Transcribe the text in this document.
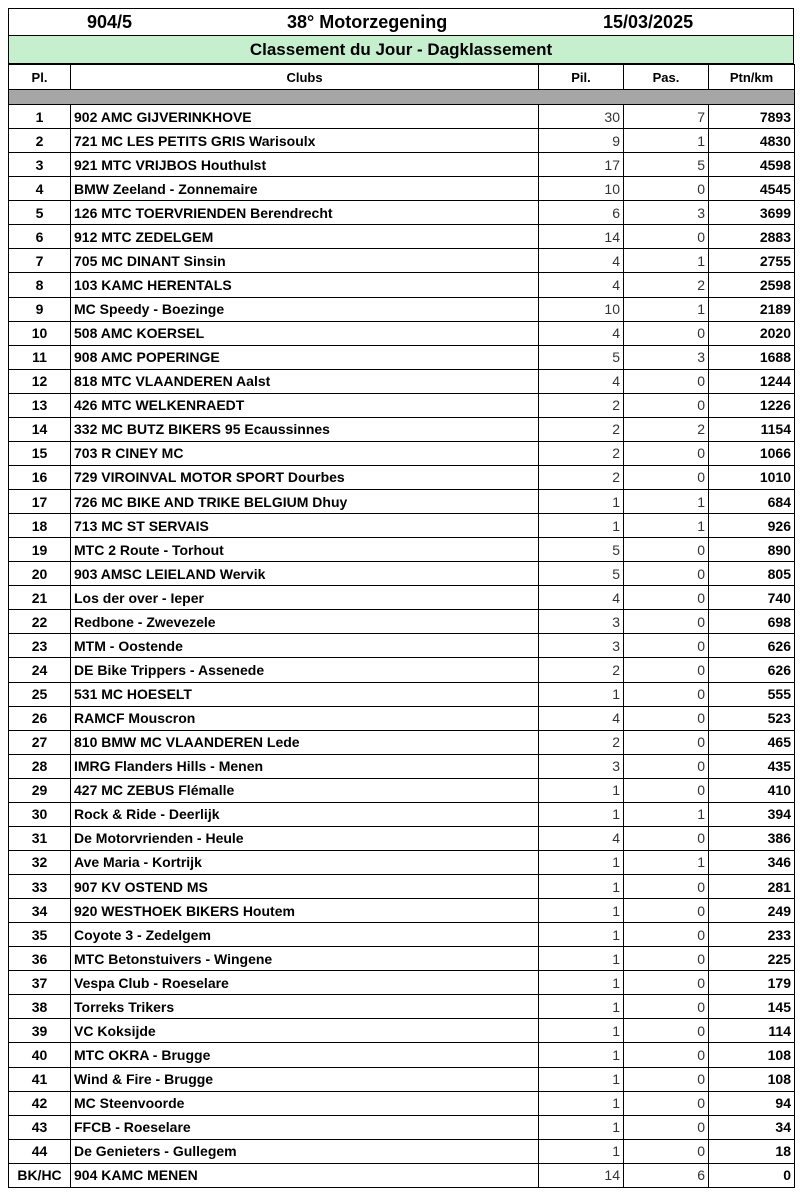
904/5	38° Motorzegening	15/03/2025
Classement du Jour - Dagklassement
Pl.	Clubs	Pil.	Pas.	Ptn/km

1	902 AMC GIJVERINKHOVE	30	7	7893
2	721 MC LES PETITS GRIS Warisoulx	9	1	4830
3	921 MTC VRIJBOS Houthulst	17	5	4598
4	BMW Zeeland - Zonnemaire	10	0	4545
5	126 MTC TOERVRIENDEN Berendrecht	6	3	3699
6	912 MTC ZEDELGEM	14	0	2883
7	705 MC DINANT Sinsin	4	1	2755
8	103 KAMC HERENTALS	4	2	2598
9	MC Speedy - Boezinge	10	1	2189
10	508 AMC KOERSEL	4	0	2020
11	908 AMC POPERINGE	5	3	1688
12	818 MTC VLAANDEREN Aalst	4	0	1244
13	426 MTC WELKENRAEDT	2	0	1226
14	332 MC BUTZ BIKERS 95 Ecaussinnes	2	2	1154
15	703 R CINEY MC	2	0	1066
16	729 VIROINVAL MOTOR SPORT Dourbes	2	0	1010
17	726 MC BIKE AND TRIKE BELGIUM Dhuy	1	1	684
18	713 MC ST SERVAIS	1	1	926
19	MTC 2 Route - Torhout	5	0	890
20	903 AMSC LEIELAND Wervik	5	0	805
21	Los der over - Ieper	4	0	740
22	Redbone - Zwevezele	3	0	698
23	MTM - Oostende	3	0	626
24	DE Bike Trippers - Assenede	2	0	626
25	531 MC HOESELT	1	0	555
26	RAMCF Mouscron	4	0	523
27	810 BMW MC VLAANDEREN Lede	2	0	465
28	IMRG Flanders Hills - Menen	3	0	435
29	427 MC ZEBUS Flémalle	1	0	410
30	Rock & Ride - Deerlijk	1	1	394
31	De Motorvrienden - Heule	4	0	386
32	Ave Maria - Kortrijk	1	1	346
33	907 KV OSTEND MS	1	0	281
34	920 WESTHOEK BIKERS Houtem	1	0	249
35	Coyote 3 - Zedelgem	1	0	233
36	MTC Betonstuivers - Wingene	1	0	225
37	Vespa Club - Roeselare	1	0	179
38	Torreks Trikers	1	0	145
39	VC Koksijde	1	0	114
40	MTC OKRA - Brugge	1	0	108
41	Wind & Fire - Brugge	1	0	108
42	MC Steenvoorde	1	0	94
43	FFCB - Roeselare	1	0	34
44	De Genieters - Gullegem	1	0	18
BK/HC	904 KAMC MENEN	14	6	0
